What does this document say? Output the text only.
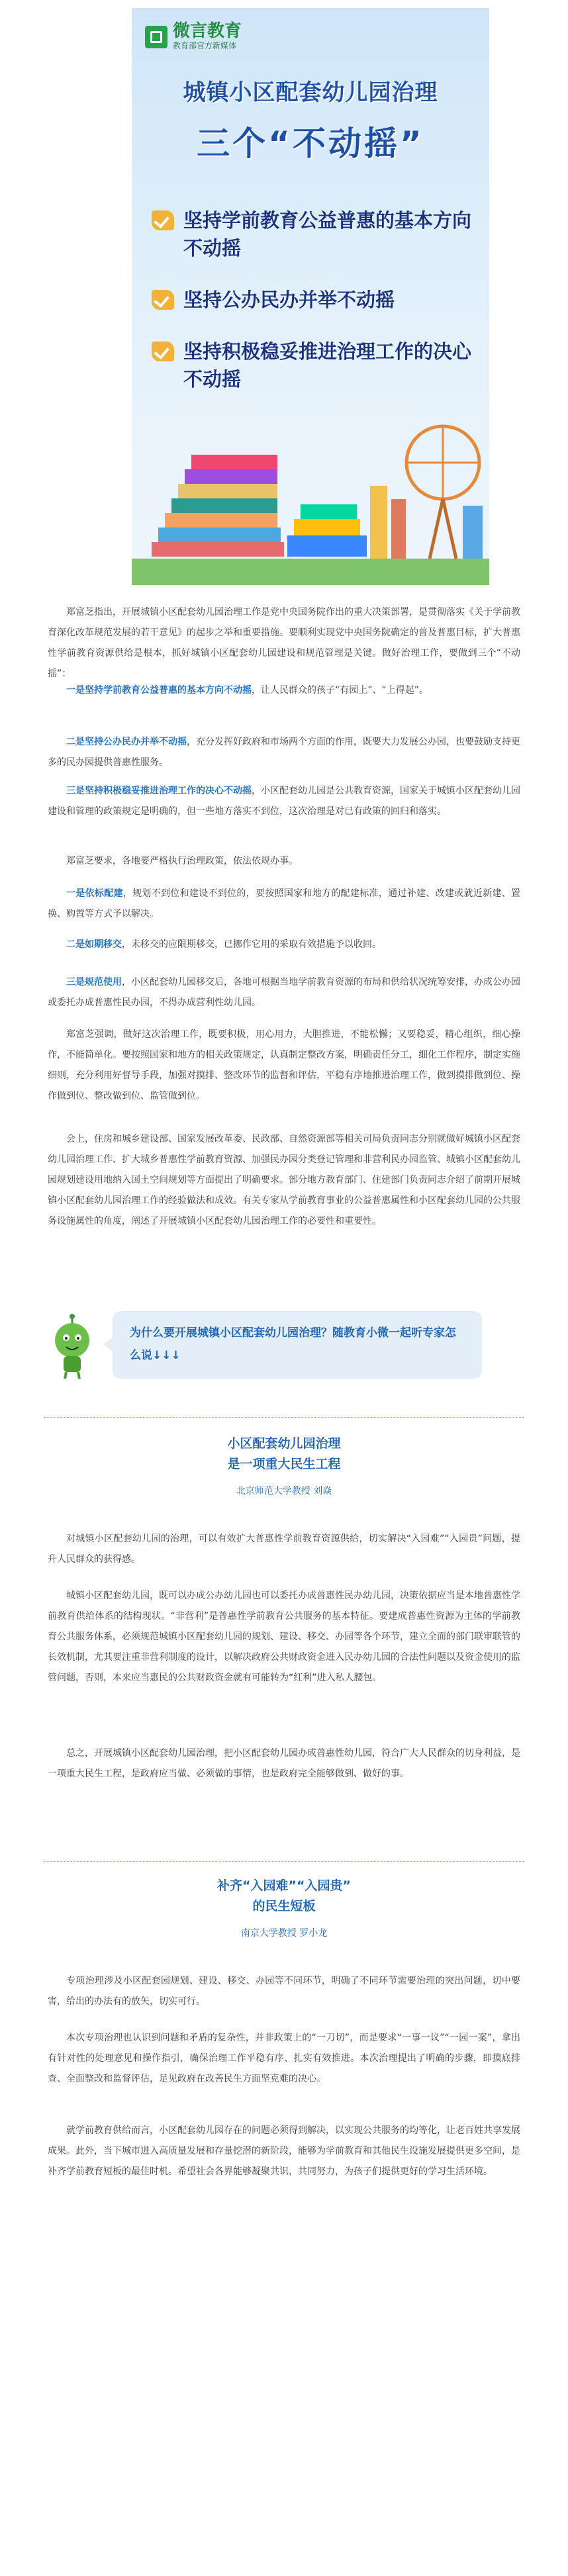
微言教育
教育部官方新媒体
城镇小区配套幼儿园治理
三个“不动摇”
坚持学前教育公益普惠的基本方向不动摇
坚持公办民办并举不动摇
坚持积极稳妥推进治理工作的决心不动摇

郑富芝指出，开展城镇小区配套幼儿园治理工作是党中央国务院作出的重大决策部署，是贯彻落实《关于学前教育深化改革规范发展的若干意见》的起步之举和重要措施。要顺利实现党中央国务院确定的普及普惠目标，扩大普惠性学前教育资源供给是根本，抓好城镇小区配套幼儿园建设和规范管理是关键。做好治理工作，要做到三个“不动摇”：

一是坚持学前教育公益普惠的基本方向不动摇，让人民群众的孩子“有园上”、“上得起”。

二是坚持公办民办并举不动摇，充分发挥好政府和市场两个方面的作用，既要大力发展公办园，也要鼓励支持更多的民办园提供普惠性服务。

三是坚持积极稳妥推进治理工作的决心不动摇，小区配套幼儿园是公共教育资源，国家关于城镇小区配套幼儿园建设和管理的政策规定是明确的，但一些地方落实不到位，这次治理是对已有政策的回归和落实。

郑富芝要求，各地要严格执行治理政策，依法依规办事。

一是依标配建，规划不到位和建设不到位的，要按照国家和地方的配建标准，通过补建、改建或就近新建、置换、购置等方式予以解决。

二是如期移交，未移交的应限期移交，已挪作它用的采取有效措施予以收回。

三是规范使用，小区配套幼儿园移交后，各地可根据当地学前教育资源的布局和供给状况统筹安排，办成公办园或委托办成普惠性民办园，不得办成营利性幼儿园。

郑富芝强调，做好这次治理工作，既要积极，用心用力，大胆推进，不能松懈；又要稳妥，精心组织，细心操作，不能简单化。要按照国家和地方的相关政策规定，认真制定整改方案，明确责任分工，细化工作程序，制定实施细则，充分利用好督导手段，加强对摸排、整改环节的监督和评估，平稳有序地推进治理工作，做到摸排做到位、操作做到位、整改做到位、监管做到位。

会上，住房和城乡建设部、国家发展改革委、民政部、自然资源部等相关司局负责同志分别就做好城镇小区配套幼儿园治理工作、扩大城乡普惠性学前教育资源、加强民办园分类登记管理和非营利民办园监管、城镇小区配套幼儿园规划建设用地纳入国土空间规划等方面提出了明确要求。部分地方教育部门、住建部门负责同志介绍了前期开展城镇小区配套幼儿园治理工作的经验做法和成效。有关专家从学前教育事业的公益普惠属性和小区配套幼儿园的公共服务设施属性的角度，阐述了开展城镇小区配套幼儿园治理工作的必要性和重要性。

为什么要开展城镇小区配套幼儿园治理？随教育小微一起听专家怎么说↓↓↓
小区配套幼儿园治理
是一项重大民生工程
北京师范大学教授 刘焱

对城镇小区配套幼儿园的治理，可以有效扩大普惠性学前教育资源供给，切实解决“入园难”“入园贵”问题，提升人民群众的获得感。

城镇小区配套幼儿园，既可以办成公办幼儿园也可以委托办成普惠性民办幼儿园，决策依据应当是本地普惠性学前教育供给体系的结构现状。“非营利”是普惠性学前教育公共服务的基本特征。要建成普惠性资源为主体的学前教育公共服务体系，必须规范城镇小区配套幼儿园的规划、建设、移交、办园等各个环节，建立全面的部门联审联管的长效机制，尤其要注重非营利制度的设计，以解决政府公共财政资金进入民办幼儿园的合法性问题以及资金使用的监管问题，否则，本来应当惠民的公共财政资金就有可能转为“红利”进入私人腰包。

总之，开展城镇小区配套幼儿园治理，把小区配套幼儿园办成普惠性幼儿园，符合广大人民群众的切身利益，是一项重大民生工程，是政府应当做、必须做的事情，也是政府完全能够做到、做好的事。

补齐“入园难”“入园贵”
的民生短板
南京大学教授 罗小龙

专项治理涉及小区配套园规划、建设、移交、办园等不同环节，明确了不同环节需要治理的突出问题，切中要害，给出的办法有的放矢，切实可行。

本次专项治理也认识到问题和矛盾的复杂性，并非政策上的“一刀切”，而是要求“一事一议”“一园一案”，拿出有针对性的处理意见和操作指引，确保治理工作平稳有序、扎实有效推进。本次治理提出了明确的步骤，即摸底排查、全面整改和监督评估，足见政府在改善民生方面坚克难的决心。

就学前教育供给而言，小区配套幼儿园存在的问题必须得到解决，以实现公共服务的均等化，让老百姓共享发展成果。此外，当下城市进入高质量发展和存量挖潜的新阶段，能够为学前教育和其他民生设施发展提供更多空间，是补齐学前教育短板的最佳时机。希望社会各界能够凝聚共识，共同努力，为孩子们提供更好的学习生活环境。
